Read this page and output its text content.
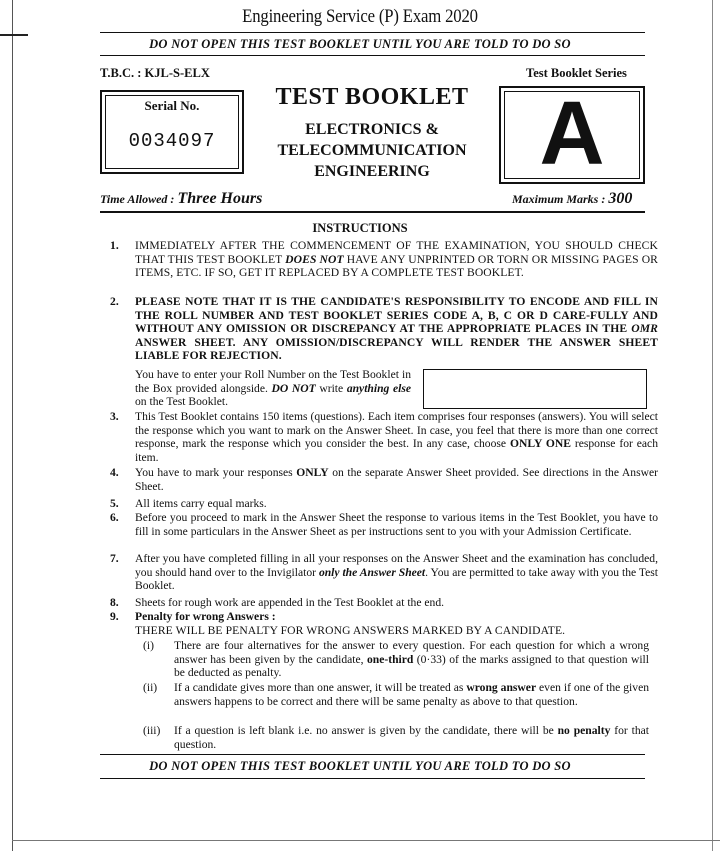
Engineering Service (P) Exam 2020
DO NOT OPEN THIS TEST BOOKLET UNTIL YOU ARE TOLD TO DO SO
T.B.C. : KJL-S-ELX	Test Booklet Series
Serial No.
0034097
TEST BOOKLET
ELECTRONICS &
TELECOMMUNICATION
ENGINEERING	A
Time Allowed : Three Hours	Maximum Marks : 300
INSTRUCTIONS
1. IMMEDIATELY AFTER THE COMMENCEMENT OF THE EXAMINATION, YOU SHOULD CHECK THAT THIS TEST BOOKLET DOES NOT HAVE ANY UNPRINTED OR TORN OR MISSING PAGES OR ITEMS, ETC. IF SO, GET IT REPLACED BY A COMPLETE TEST BOOKLET.
2. PLEASE NOTE THAT IT IS THE CANDIDATE'S RESPONSIBILITY TO ENCODE AND FILL IN THE ROLL NUMBER AND TEST BOOKLET SERIES CODE A, B, C OR D CARE-FULLY AND WITHOUT ANY OMISSION OR DISCREPANCY AT THE APPROPRIATE PLACES IN THE OMR ANSWER SHEET. ANY OMISSION/DISCREPANCY WILL RENDER THE ANSWER SHEET LIABLE FOR REJECTION.
You have to enter your Roll Number on the Test Booklet in the Box provided alongside. DO NOT write anything else on the Test Booklet.
3. This Test Booklet contains 150 items (questions). Each item comprises four responses (answers). You will select the response which you want to mark on the Answer Sheet. In case, you feel that there is more than one correct response, mark the response which you consider the best. In any case, choose ONLY ONE response for each item.
4. You have to mark your responses ONLY on the separate Answer Sheet provided. See directions in the Answer Sheet.
5. All items carry equal marks.
6. Before you proceed to mark in the Answer Sheet the response to various items in the Test Booklet, you have to fill in some particulars in the Answer Sheet as per instructions sent to you with your Admission Certificate.
7. After you have completed filling in all your responses on the Answer Sheet and the examination has concluded, you should hand over to the Invigilator only the Answer Sheet. You are permitted to take away with you the Test Booklet.
8. Sheets for rough work are appended in the Test Booklet at the end.
9. Penalty for wrong Answers :
THERE WILL BE PENALTY FOR WRONG ANSWERS MARKED BY A CANDIDATE.
(i) There are four alternatives for the answer to every question. For each question for which a wrong answer has been given by the candidate, one-third (0·33) of the marks assigned to that question will be deducted as penalty.
(ii) If a candidate gives more than one answer, it will be treated as wrong answer even if one of the given answers happens to be correct and there will be same penalty as above to that question.
(iii) If a question is left blank i.e. no answer is given by the candidate, there will be no penalty for that question.
DO NOT OPEN THIS TEST BOOKLET UNTIL YOU ARE TOLD TO DO SO
